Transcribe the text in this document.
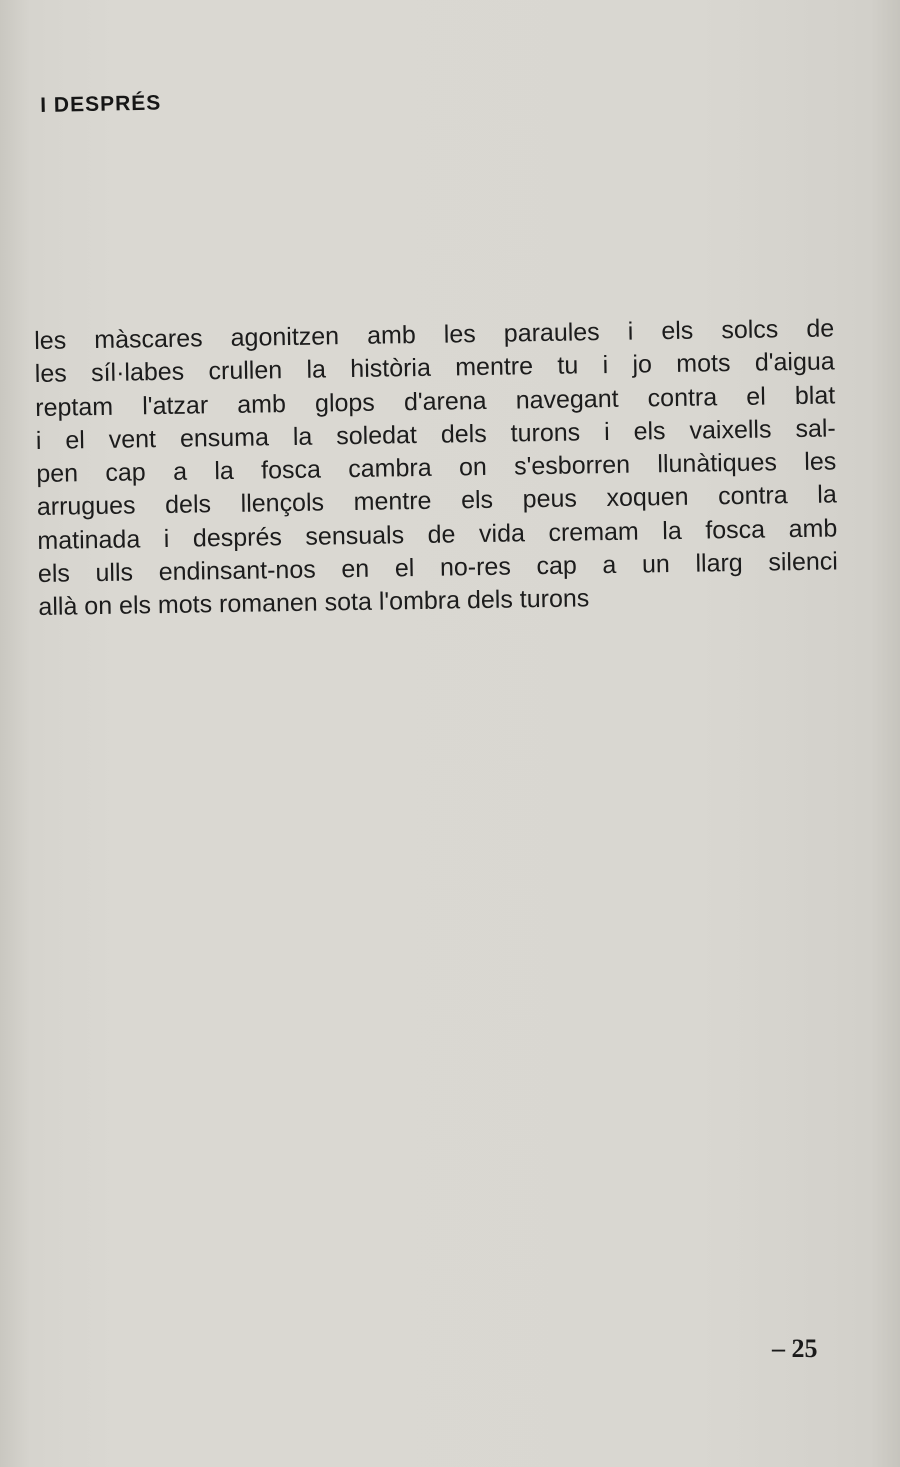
I DESPRÉS
les màscares agonitzen amb les paraules i els solcs de
les síl·labes crullen la història mentre tu i jo mots d'aigua
reptam l'atzar amb glops d'arena navegant contra el blat
i el vent ensuma la soledat dels turons i els vaixells sal-
pen cap a la fosca cambra on s'esborren llunàtiques les
arrugues dels llençols mentre els peus xoquen contra la
matinada i després sensuals de vida cremam la fosca amb
els ulls endinsant-nos en el no-res cap a un llarg silenci
allà on els mots romanen sota l'ombra dels turons
– 25
